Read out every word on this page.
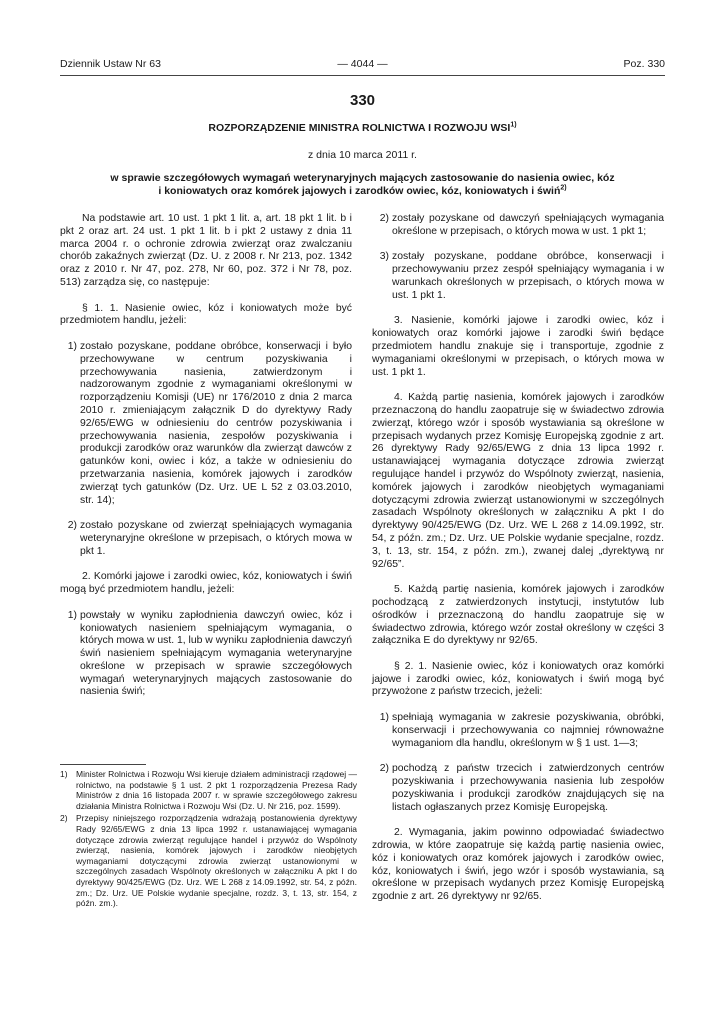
Dziennik Ustaw Nr 63	— 4044 —	Poz. 330
330
ROZPORZĄDZENIE MINISTRA ROLNICTWA I ROZWOJU WSI$^{1)}$
z dnia 10 marca 2011 r.
w sprawie szczegółowych wymagań weterynaryjnych mających zastosowanie do nasienia owiec, kóz
i koniowatych oraz komórek jajowych i zarodków owiec, kóz, koniowatych i świń$^{2)}$

Na podstawie art. 10 ust. 1 pkt 1 lit. a, art. 18 pkt 1 lit. b i pkt 2 oraz art. 24 ust. 1 pkt 1 lit. b i pkt 2 ustawy z dnia 11 marca 2004 r. o ochronie zdrowia zwierząt oraz zwalczaniu chorób zakaźnych zwierząt (Dz. U. z 2008 r. Nr 213, poz. 1342 oraz z 2010 r. Nr 47, poz. 278, Nr 60, poz. 372 i Nr 78, poz. 513) zarządza się, co następuje:

§ 1. 1. Nasienie owiec, kóz i koniowatych może być przedmiotem handlu, jeżeli:

1) zostało pozyskane, poddane obróbce, konserwacji i było przechowywane w centrum pozyskiwania i przechowywania nasienia, zatwierdzonym i nadzorowanym zgodnie z wymaganiami określonymi w rozporządzeniu Komisji (UE) nr 176/2010 z dnia 2 marca 2010 r. zmieniającym załącznik D do dyrektywy Rady 92/65/EWG w odniesieniu do centrów pozyskiwania i przechowywania nasienia, zespołów pozyskiwania i produkcji zarodków oraz warunków dla zwierząt dawców z gatunków koni, owiec i kóz, a także w odniesieniu do przetwarzania nasienia, komórek jajowych i zarodków zwierząt tych gatunków (Dz. Urz. UE L 52 z 03.03.2010, str. 14);
2) zostało pozyskane od zwierząt spełniających wymagania weterynaryjne określone w przepisach, o których mowa w pkt 1.

2. Komórki jajowe i zarodki owiec, kóz, koniowatych i świń mogą być przedmiotem handlu, jeżeli:

1) powstały w wyniku zapłodnienia dawczyń owiec, kóz i koniowatych nasieniem spełniającym wymagania, o których mowa w ust. 1, lub w wyniku zapłodnienia dawczyń świń nasieniem spełniającym wymagania weterynaryjne określone w przepisach w sprawie szczegółowych wymagań weterynaryjnych mających zastosowanie do nasienia świń;
1) Minister Rolnictwa i Rozwoju Wsi kieruje działem administracji rządowej — rolnictwo, na podstawie § 1 ust. 2 pkt 1 rozporządzenia Prezesa Rady Ministrów z dnia 16 listopada 2007 r. w sprawie szczegółowego zakresu działania Ministra Rolnictwa i Rozwoju Wsi (Dz. U. Nr 216, poz. 1599).
2) Przepisy niniejszego rozporządzenia wdrażają postanowienia dyrektywy Rady 92/65/EWG z dnia 13 lipca 1992 r. ustanawiającej wymagania dotyczące zdrowia zwierząt regulujące handel i przywóz do Wspólnoty zwierząt, nasienia, komórek jajowych i zarodków nieobjętych wymaganiami dotyczącymi zdrowia zwierząt ustanowionymi w szczególnych zasadach Wspólnoty określonych w załączniku A pkt I do dyrektywy 90/425/EWG (Dz. Urz. WE L 268 z 14.09.1992, str. 54, z późn. zm.; Dz. Urz. UE Polskie wydanie specjalne, rozdz. 3, t. 13, str. 154, z późn. zm.).
2) zostały pozyskane od dawczyń spełniających wymagania określone w przepisach, o których mowa w ust. 1 pkt 1;
3) zostały pozyskane, poddane obróbce, konserwacji i przechowywaniu przez zespół spełniający wymagania i w warunkach określonych w przepisach, o których mowa w ust. 1 pkt 1.

3. Nasienie, komórki jajowe i zarodki owiec, kóz i koniowatych oraz komórki jajowe i zarodki świń będące przedmiotem handlu znakuje się i transportuje, zgodnie z wymaganiami określonymi w przepisach, o których mowa w ust. 1 pkt 1.

4. Każdą partię nasienia, komórek jajowych i zarodków przeznaczoną do handlu zaopatruje się w świadectwo zdrowia zwierząt, którego wzór i sposób wystawiania są określone w przepisach wydanych przez Komisję Europejską zgodnie z art. 26 dyrektywy Rady 92/65/EWG z dnia 13 lipca 1992 r. ustanawiającej wymagania dotyczące zdrowia zwierząt regulujące handel i przywóz do Wspólnoty zwierząt, nasienia, komórek jajowych i zarodków nieobjętych wymaganiami dotyczącymi zdrowia zwierząt ustanowionymi w szczególnych zasadach Wspólnoty określonych w załączniku A pkt I do dyrektywy 90/425/EWG (Dz. Urz. WE L 268 z 14.09.1992, str. 54, z późn. zm.; Dz. Urz. UE Polskie wydanie specjalne, rozdz. 3, t. 13, str. 154, z późn. zm.), zwanej dalej „dyrektywą nr 92/65”.

5. Każdą partię nasienia, komórek jajowych i zarodków pochodzącą z zatwierdzonych instytucji, instytutów lub ośrodków i przeznaczoną do handlu zaopatruje się w świadectwo zdrowia, którego wzór został określony w części 3 załącznika E do dyrektywy nr 92/65.

§ 2. 1. Nasienie owiec, kóz i koniowatych oraz komórki jajowe i zarodki owiec, kóz, koniowatych i świń mogą być przywożone z państw trzecich, jeżeli:

1) spełniają wymagania w zakresie pozyskiwania, obróbki, konserwacji i przechowywania co najmniej równoważne wymaganiom dla handlu, określonym w § 1 ust. 1—3;
2) pochodzą z państw trzecich i zatwierdzonych centrów pozyskiwania i przechowywania nasienia lub zespołów pozyskiwania i produkcji zarodków znajdujących się na listach ogłaszanych przez Komisję Europejską.

2. Wymagania, jakim powinno odpowiadać świadectwo zdrowia, w które zaopatruje się każdą partię nasienia owiec, kóz i koniowatych oraz komórek jajowych i zarodków owiec, kóz, koniowatych i świń, jego wzór i sposób wystawiania, są określone w przepisach wydanych przez Komisję Europejską zgodnie z art. 26 dyrektywy nr 92/65.
